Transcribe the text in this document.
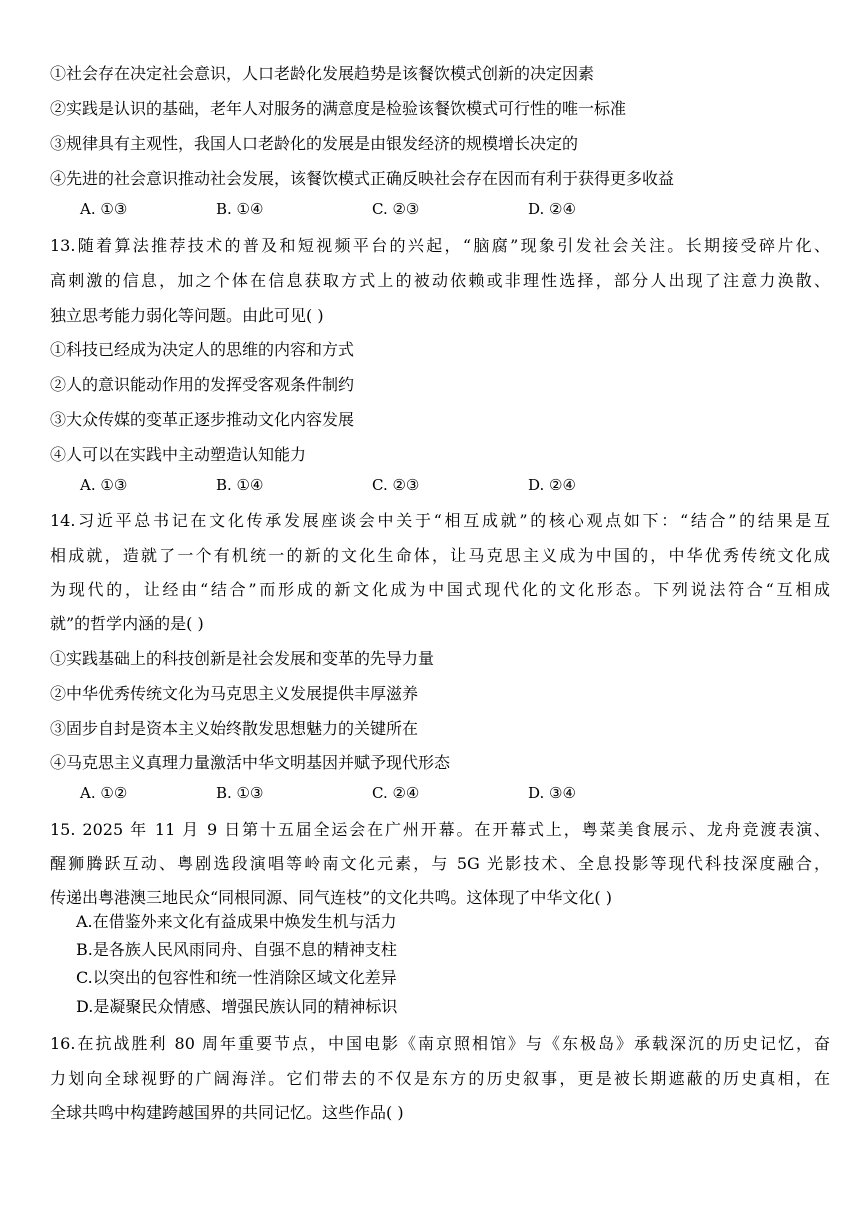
①社会存在决定社会意识，人口老龄化发展趋势是该餐饮模式创新的决定因素
②实践是认识的基础，老年人对服务的满意度是检验该餐饮模式可行性的唯一标准
③规律具有主观性，我国人口老龄化的发展是由银发经济的规模增长决定的
④先进的社会意识推动社会发展，该餐饮模式正确反映社会存在因而有利于获得更多收益
A. ①③	B. ①④	C. ②③	D. ②④
13.随着算法推荐技术的普及和短视频平台的兴起，“脑腐”现象引发社会关注。长期接受碎片化、
高刺激的信息，加之个体在信息获取方式上的被动依赖或非理性选择，部分人出现了注意力涣散、
独立思考能力弱化等问题。由此可见( )
①科技已经成为决定人的思维的内容和方式
②人的意识能动作用的发挥受客观条件制约
③大众传媒的变革正逐步推动文化内容发展
④人可以在实践中主动塑造认知能力
A. ①③	B. ①④	C. ②③	D. ②④
14.习近平总书记在文化传承发展座谈会中关于“相互成就”的核心观点如下：“结合”的结果是互
相成就，造就了一个有机统一的新的文化生命体，让马克思主义成为中国的，中华优秀传统文化成
为现代的，让经由“结合”而形成的新文化成为中国式现代化的文化形态。下列说法符合“互相成
就”的哲学内涵的是( )
①实践基础上的科技创新是社会发展和变革的先导力量
②中华优秀传统文化为马克思主义发展提供丰厚滋养
③固步自封是资本主义始终散发思想魅力的关键所在
④马克思主义真理力量激活中华文明基因并赋予现代形态
A. ①②	B. ①③	C. ②④	D. ③④
15. 2025 年 11 月 9 日第十五届全运会在广州开幕。在开幕式上，粤菜美食展示、龙舟竞渡表演、
醒狮腾跃互动、粤剧选段演唱等岭南文化元素，与 5G 光影技术、全息投影等现代科技深度融合，
传递出粤港澳三地民众“同根同源、同气连枝”的文化共鸣。这体现了中华文化( )
A.在借鉴外来文化有益成果中焕发生机与活力
B.是各族人民风雨同舟、自强不息的精神支柱
C.以突出的包容性和统一性消除区域文化差异
D.是凝聚民众情感、增强民族认同的精神标识
16.在抗战胜利 80 周年重要节点，中国电影《南京照相馆》与《东极岛》承载深沉的历史记忆，奋
力划向全球视野的广阔海洋。它们带去的不仅是东方的历史叙事，更是被长期遮蔽的历史真相，在
全球共鸣中构建跨越国界的共同记忆。这些作品( )
